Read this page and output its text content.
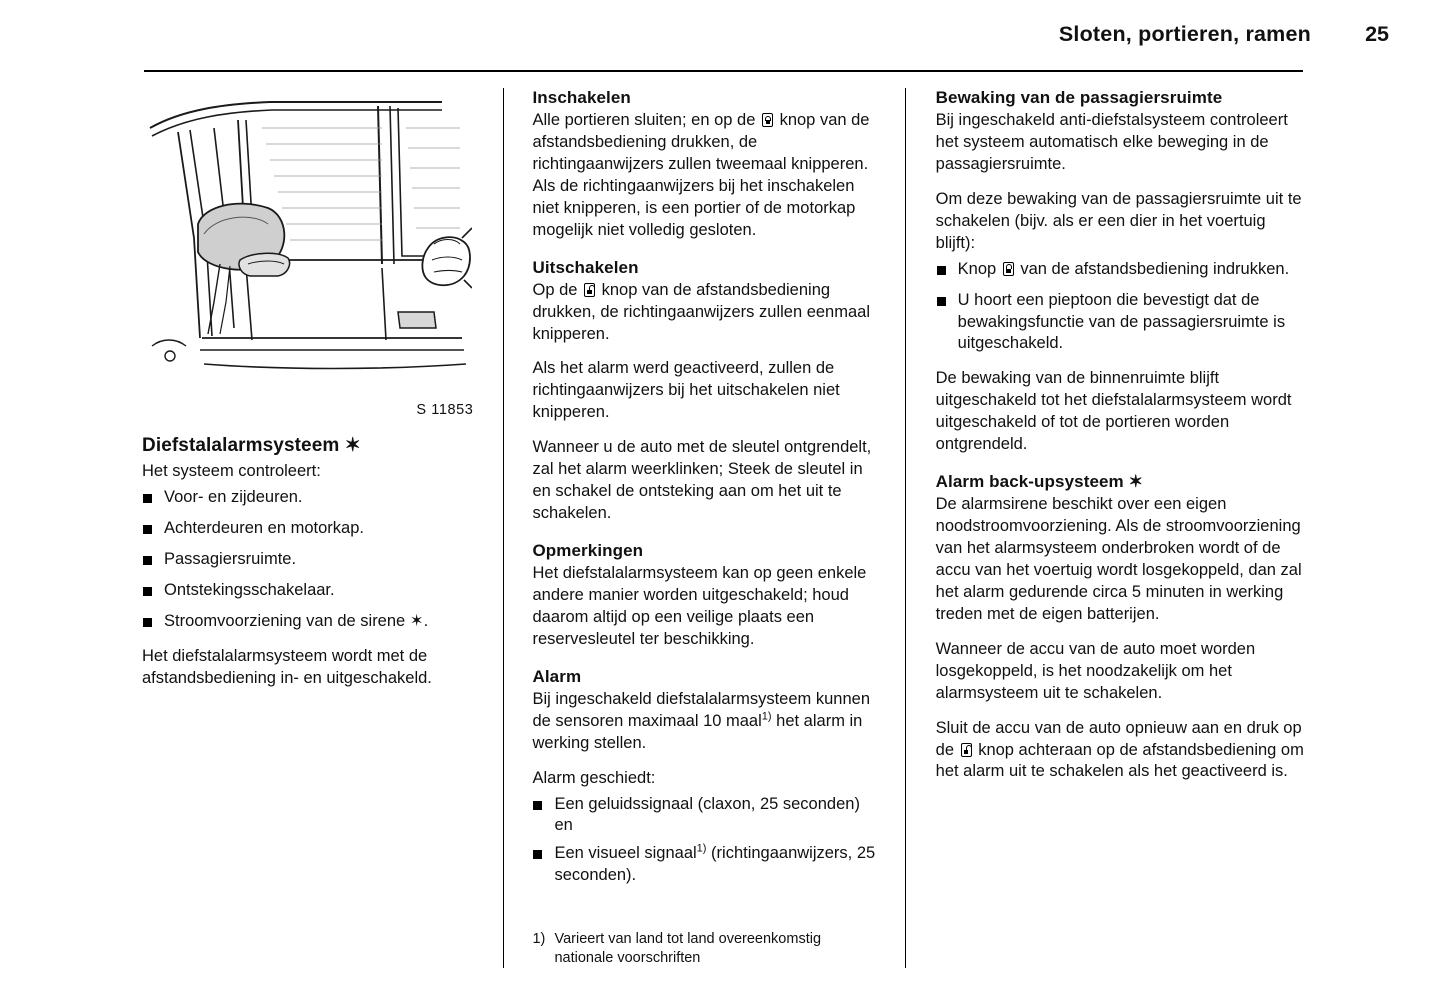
Sloten, portieren, ramen	25
S 11853
Diefstalalarmsysteem ✶

Het systeem controleert:

Voor- en zijdeuren.
Achterdeuren en motorkap.
Passagiersruimte.
Ontstekingsschakelaar.
Stroomvoorziening van de sirene ✶.

Het diefstalalarmsysteem wordt met de afstandsbediening in- en uitgeschakeld.

Inschakelen

Alle portieren sluiten; en op de knop van de afstandsbediening drukken, de richtingaanwijzers zullen tweemaal knipperen. Als de richtingaanwijzers bij het inschakelen niet knipperen, is een portier of de motorkap mogelijk niet volledig gesloten.

Uitschakelen

Op de knop van de afstandsbediening drukken, de richtingaanwijzers zullen eenmaal knipperen.

Als het alarm werd geactiveerd, zullen de richtingaanwijzers bij het uitschakelen niet knipperen.

Wanneer u de auto met de sleutel ontgrendelt, zal het alarm weerklinken; Steek de sleutel in en schakel de ontsteking aan om het uit te schakelen.

Opmerkingen

Het diefstalalarmsysteem kan op geen enkele andere manier worden uitgeschakeld; houd daarom altijd op een veilige plaats een reservesleutel ter beschikking.

Alarm

Bij ingeschakeld diefstalalarmsysteem kunnen de sensoren maximaal 10 maal$^{1)}$ het alarm in werking stellen.

Alarm geschiedt:

Een geluidssignaal (claxon, 25 seconden) en
Een visueel signaal$^{1)}$ (richtingaanwijzers, 25 seconden).
1) Varieert van land tot land overeenkomstig nationale voorschriften
Bewaking van de passagiersruimte

Bij ingeschakeld anti-diefstalsysteem controleert het systeem automatisch elke beweging in de passagiersruimte.

Om deze bewaking van de passagiersruimte uit te schakelen (bijv. als er een dier in het voertuig blijft):

Knop van de afstandsbediening indrukken.
U hoort een pieptoon die bevestigt dat de bewakingsfunctie van de passagiersruimte is uitgeschakeld.

De bewaking van de binnenruimte blijft uitgeschakeld tot het diefstalalarmsysteem wordt uitgeschakeld of tot de portieren worden ontgrendeld.

Alarm back-upsysteem ✶

De alarmsirene beschikt over een eigen noodstroomvoorziening. Als de stroomvoorziening van het alarmsysteem onderbroken wordt of de accu van het voertuig wordt losgekoppeld, dan zal het alarm gedurende circa 5 minuten in werking treden met de eigen batterijen.

Wanneer de accu van de auto moet worden losgekoppeld, is het noodzakelijk om het alarmsysteem uit te schakelen.

Sluit de accu van de auto opnieuw aan en druk op de knop achteraan op de afstandsbediening om het alarm uit te schakelen als het geactiveerd is.
